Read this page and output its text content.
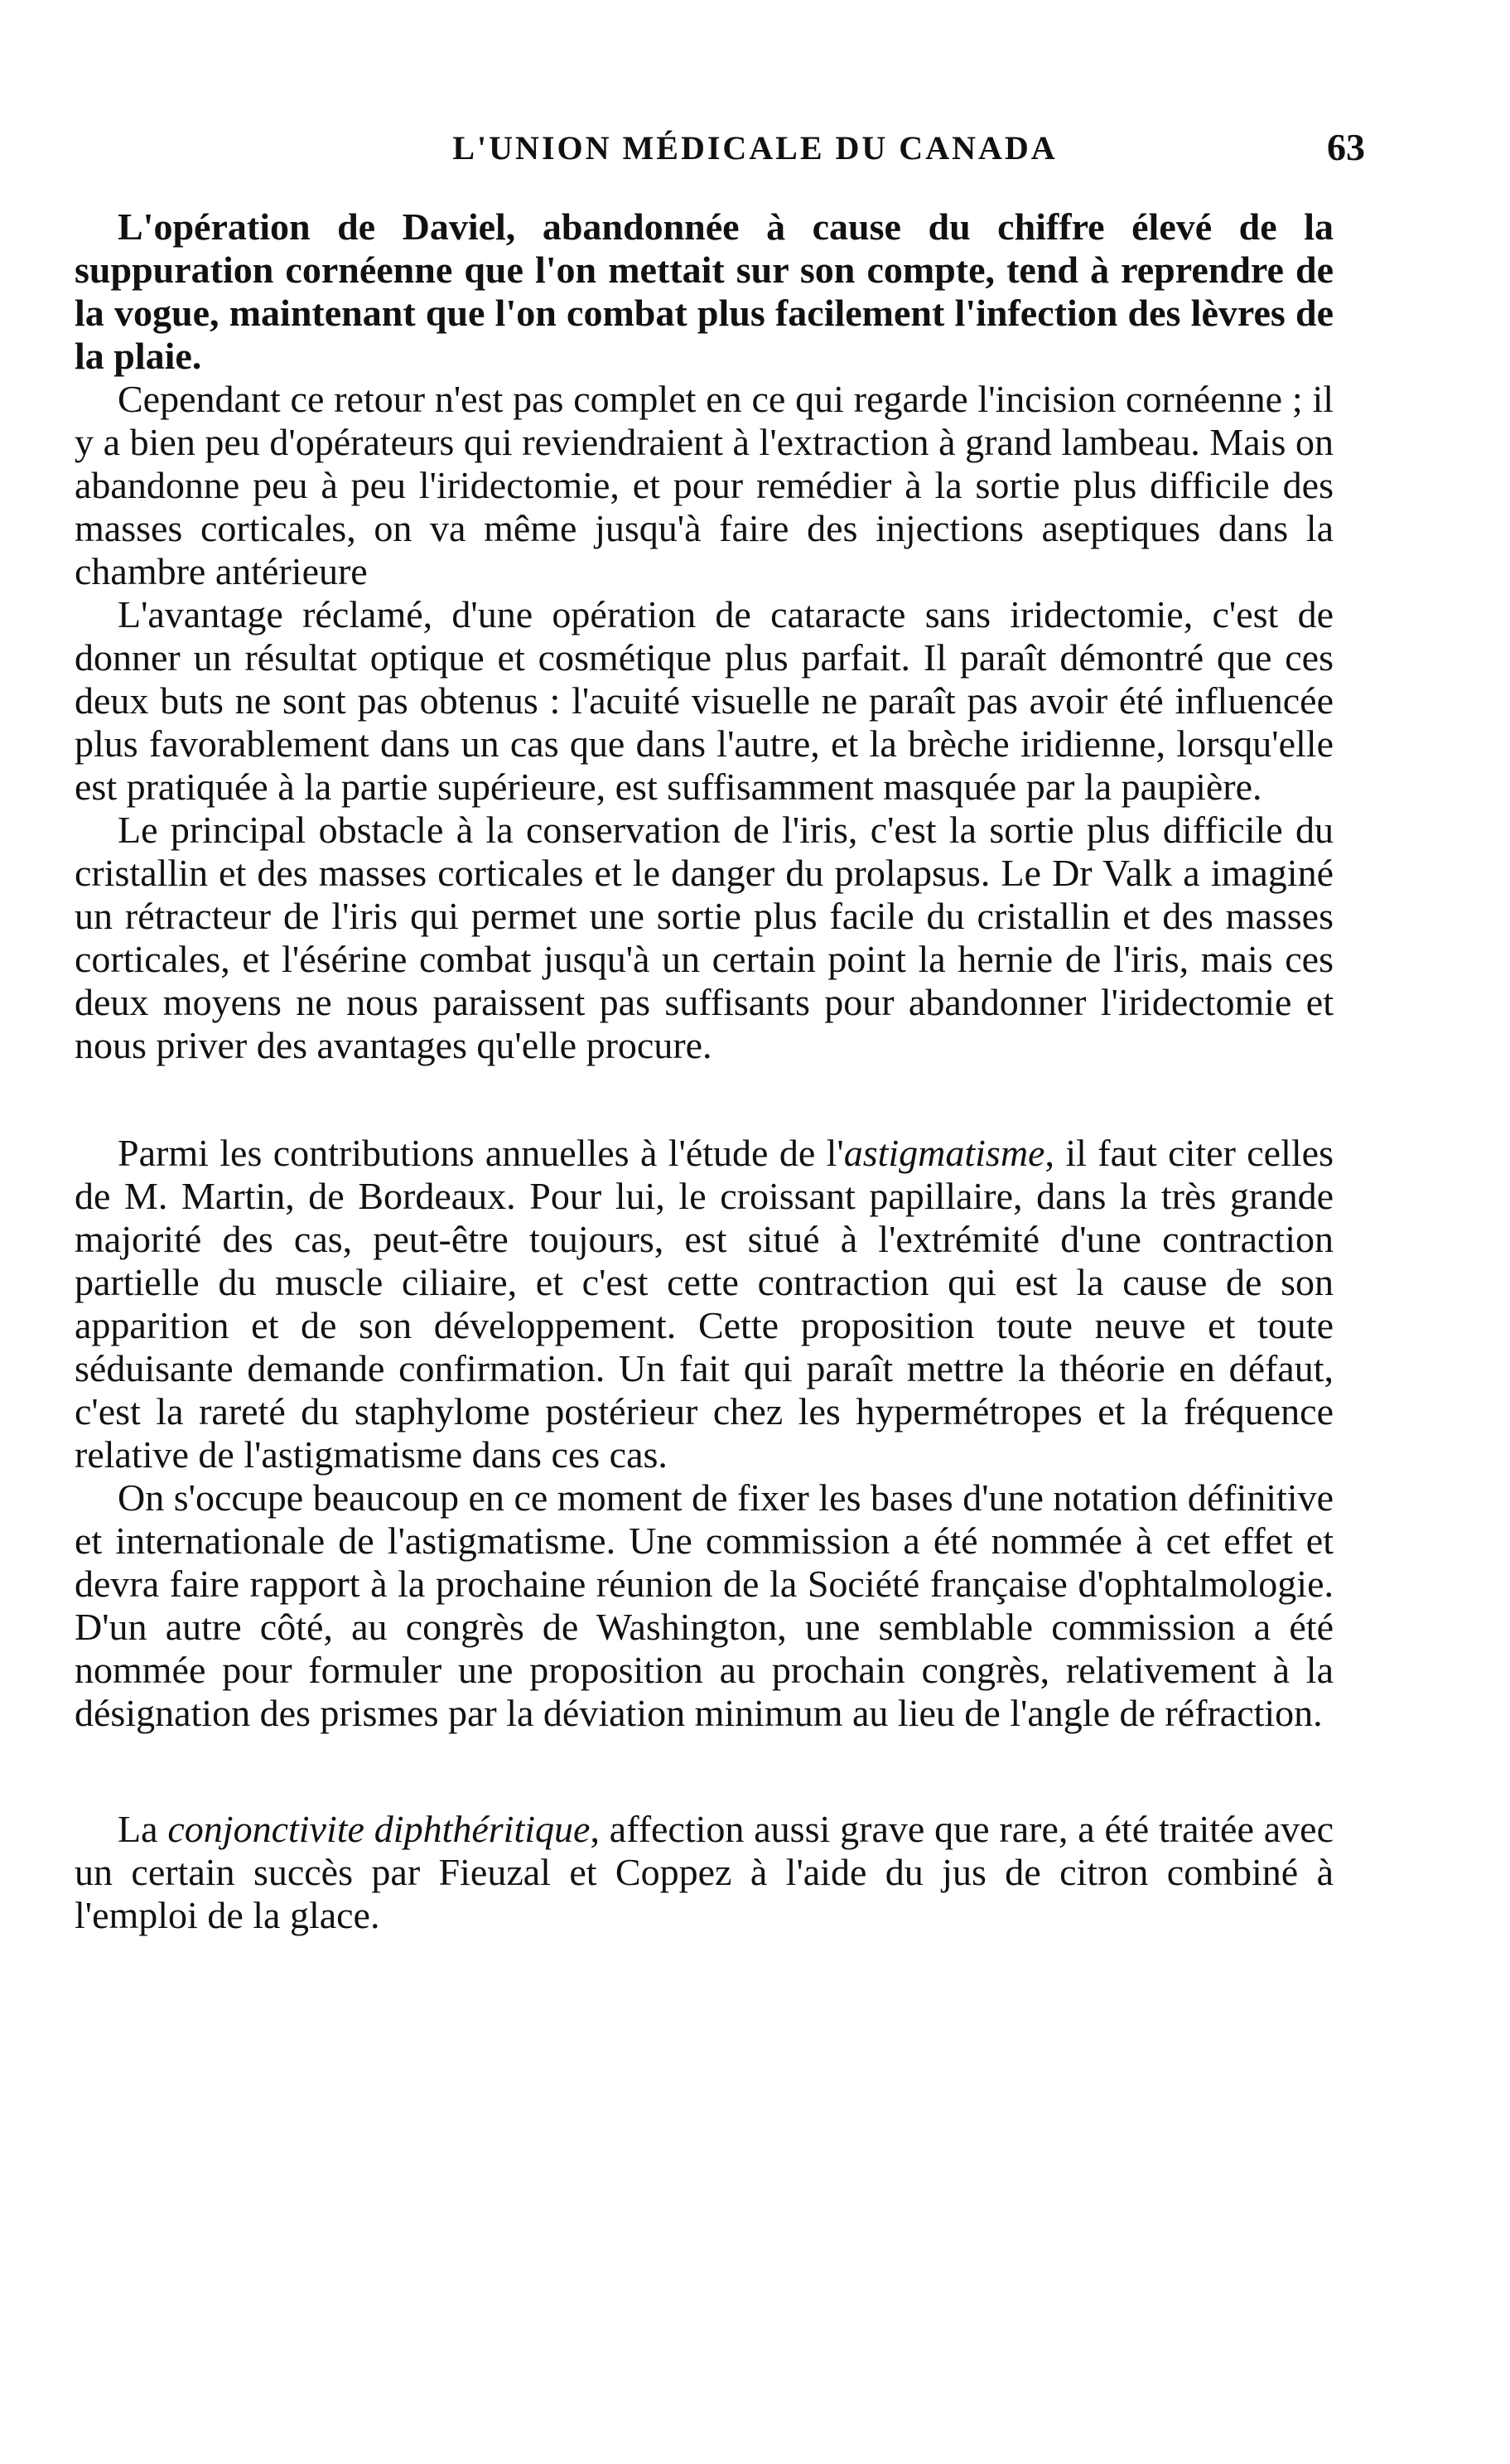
L'UNION MÉDICALE DU CANADA	63

L'opération de Daviel, abandonnée à cause du chiffre élevé de la suppuration cornéenne que l'on mettait sur son compte, tend à reprendre de la vogue, maintenant que l'on combat plus facilement l'infection des lèvres de la plaie.

Cependant ce retour n'est pas complet en ce qui regarde l'incision cornéenne ; il y a bien peu d'opérateurs qui reviendraient à l'extraction à grand lambeau. Mais on abandonne peu à peu l'iridectomie, et pour remédier à la sortie plus difficile des masses corticales, on va même jusqu'à faire des injections aseptiques dans la chambre antérieure

L'avantage réclamé, d'une opération de cataracte sans iridectomie, c'est de donner un résultat optique et cosmétique plus parfait. Il paraît démontré que ces deux buts ne sont pas obtenus : l'acuité visuelle ne paraît pas avoir été influencée plus favorablement dans un cas que dans l'autre, et la brèche iridienne, lorsqu'elle est pratiquée à la partie supérieure, est suffisamment masquée par la paupière.

Le principal obstacle à la conservation de l'iris, c'est la sortie plus difficile du cristallin et des masses corticales et le danger du prolapsus. Le Dr Valk a imaginé un rétracteur de l'iris qui permet une sortie plus facile du cristallin et des masses corticales, et l'ésérine combat jusqu'à un certain point la hernie de l'iris, mais ces deux moyens ne nous paraissent pas suffisants pour abandonner l'iridectomie et nous priver des avantages qu'elle procure.

Parmi les contributions annuelles à l'étude de l'astigmatisme, il faut citer celles de M. Martin, de Bordeaux. Pour lui, le croissant papillaire, dans la très grande majorité des cas, peut-être toujours, est situé à l'extrémité d'une contraction partielle du muscle ciliaire, et c'est cette contraction qui est la cause de son apparition et de son développement. Cette proposition toute neuve et toute séduisante demande confirmation. Un fait qui paraît mettre la théorie en défaut, c'est la rareté du staphylome postérieur chez les hypermétropes et la fréquence relative de l'astigmatisme dans ces cas.

On s'occupe beaucoup en ce moment de fixer les bases d'une notation définitive et internationale de l'astigmatisme. Une commission a été nommée à cet effet et devra faire rapport à la prochaine réunion de la Société française d'ophtalmologie. D'un autre côté, au congrès de Washington, une semblable commission a été nommée pour formuler une proposition au prochain congrès, relativement à la désignation des prismes par la déviation minimum au lieu de l'angle de réfraction.

La conjonctivite diphthéritique, affection aussi grave que rare, a été traitée avec un certain succès par Fieuzal et Coppez à l'aide du jus de citron combiné à l'emploi de la glace.
